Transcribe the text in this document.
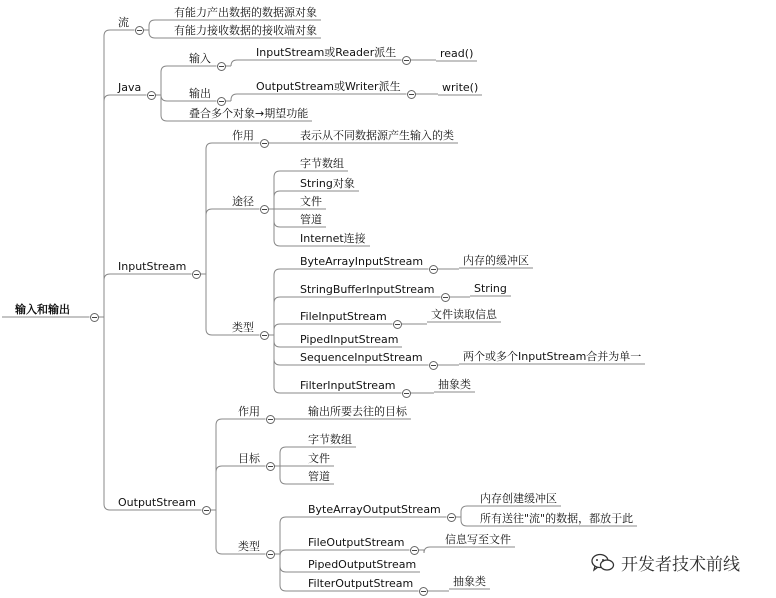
输入和输出
流
有能力产出数据的数据源对象
有能力接收数据的接收端对象
Java
输入	InputStream或Reader派生	read()
输出
OutputStream或Writer派生	write()
叠合多个对象→期望功能
InputStream
作用	表示从不同数据源产生输入的类
途径
字节数组
String对象
文件
管道
Internet连接
类型
ByteArrayInputStream	内存的缓冲区
StringBufferInputStream	String
FileInputStream	文件读取信息
PipedInputStream
SequenceInputStream	两个或多个InputStream合并为单一
FilterInputStream	抽象类
OutputStream
作用	输出所要去往的目标
目标
字节数组
文件
管道
类型
ByteArrayOutputStream
内存创建缓冲区
所有送往"流"的数据，都放于此
FileOutputStream	信息写至文件
PipedOutputStream
FilterOutputStream	抽象类
开发者技术前线
